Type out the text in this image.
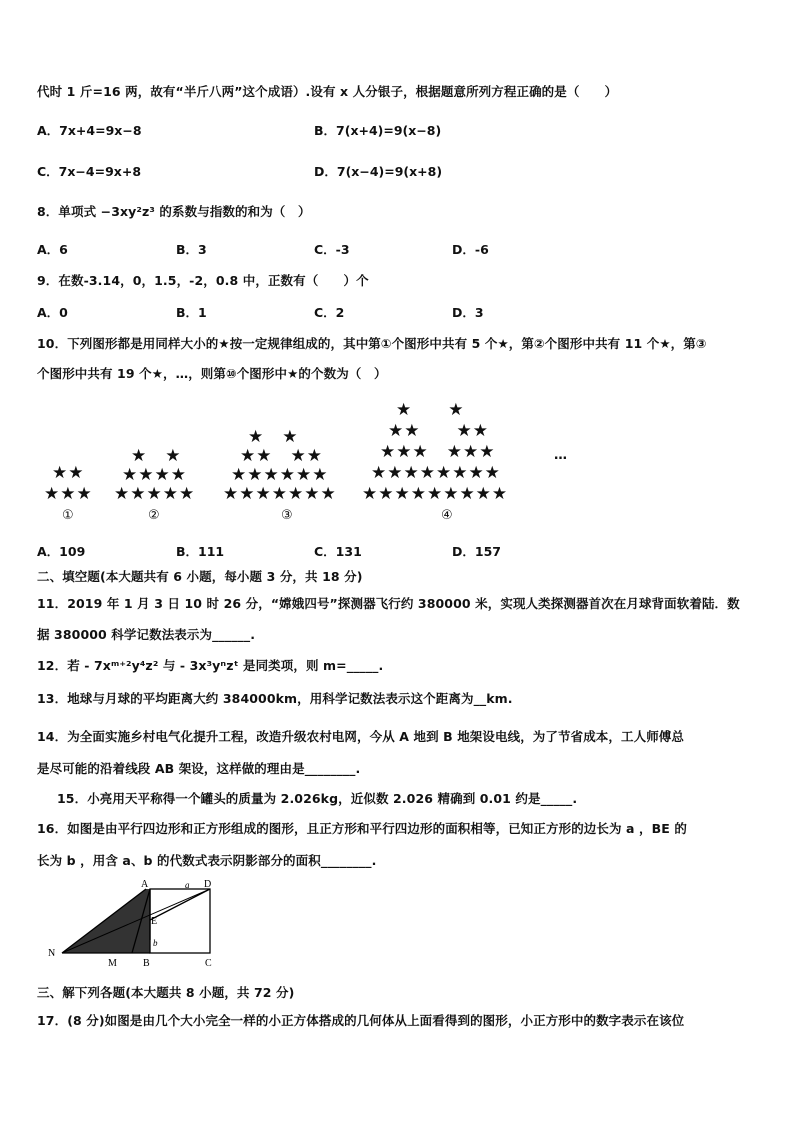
代时 1 斤=16 两，故有“半斤八两”这个成语）.设有 x 人分银子，根据题意所列方程正确的是（　　）
A．7x+4=9x−8	B．7(x+4)=9(x−8)
C．7x−4=9x+8	D．7(x−4)=9(x+8)
8．单项式 −3xy²z³ 的系数与指数的和为（　）
A．6	B．3	C．-3	D．-6
9．在数-3.14，0，1.5，-2，0.8 中，正数有（　　）个
A．0	B．1	C．2	D．3
10．下列图形都是用同样大小的★按一定规律组成的，其中第①个图形中共有 5 个★，第②个图形中共有 11 个★，第③
个图形中共有 19 个★，…，则第⑩个图形中★的个数为（　）
★★
★★★
①
★　★
★★★★
★★★★★
②
★　★
★★　★★
★★★★★★
★★★★★★★
③
★　　★
★★　　★★
★★★　★★★
★★★★★★★★
★★★★★★★★★
④
…
A．109	B．111	C．131	D．157
二、填空题(本大题共有 6 小题，每小题 3 分，共 18 分)
11．2019 年 1 月 3 日 10 时 26 分，“嫦娥四号”探测器飞行约 380000 米，实现人类探测器首次在月球背面软着陆．数
据 380000 科学记数法表示为______.
12．若 - 7xᵐ⁺²y⁴z² 与 - 3x³yⁿzᵗ 是同类项，则 m=_____.
13．地球与月球的平均距离大约 384000km，用科学记数法表示这个距离为__km.
14．为全面实施乡村电气化提升工程，改造升级农村电网，今从 A 地到 B 地架设电线，为了节省成本，工人师傅总
是尽可能的沿着线段 AB 架设，这样做的理由是________.
15．小亮用天平称得一个罐头的质量为 2.026kg，近似数 2.026 精确到 0.01 约是_____.
16．如图是由平行四边形和正方形组成的图形，且正方形和平行四边形的面积相等，已知正方形的边长为 a ，BE 的
长为 b ，用含 a、b 的代数式表示阴影部分的面积________.
A	D
a
E
b
N
M	B	C
三、解下列各题(本大题共 8 小题，共 72 分)
17．(8 分)如图是由几个大小完全一样的小正方体搭成的几何体从上面看得到的图形，小正方形中的数字表示在该位
